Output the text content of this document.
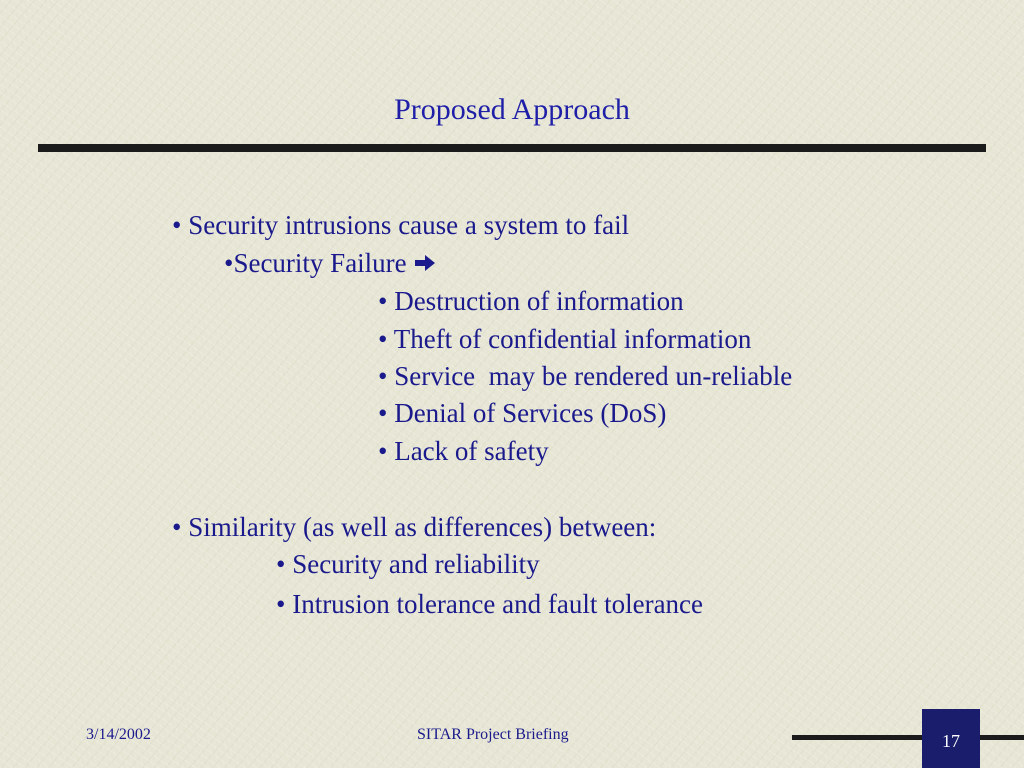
Proposed Approach
• Security intrusions cause a system to fail
•Security Failure
• Destruction of information
• Theft of confidential information
• Service  may be rendered un-reliable
• Denial of Services (DoS)
• Lack of safety
• Similarity (as well as differences) between:
• Security and reliability
• Intrusion tolerance and fault tolerance
3/14/2002	SITAR Project Briefing	17
